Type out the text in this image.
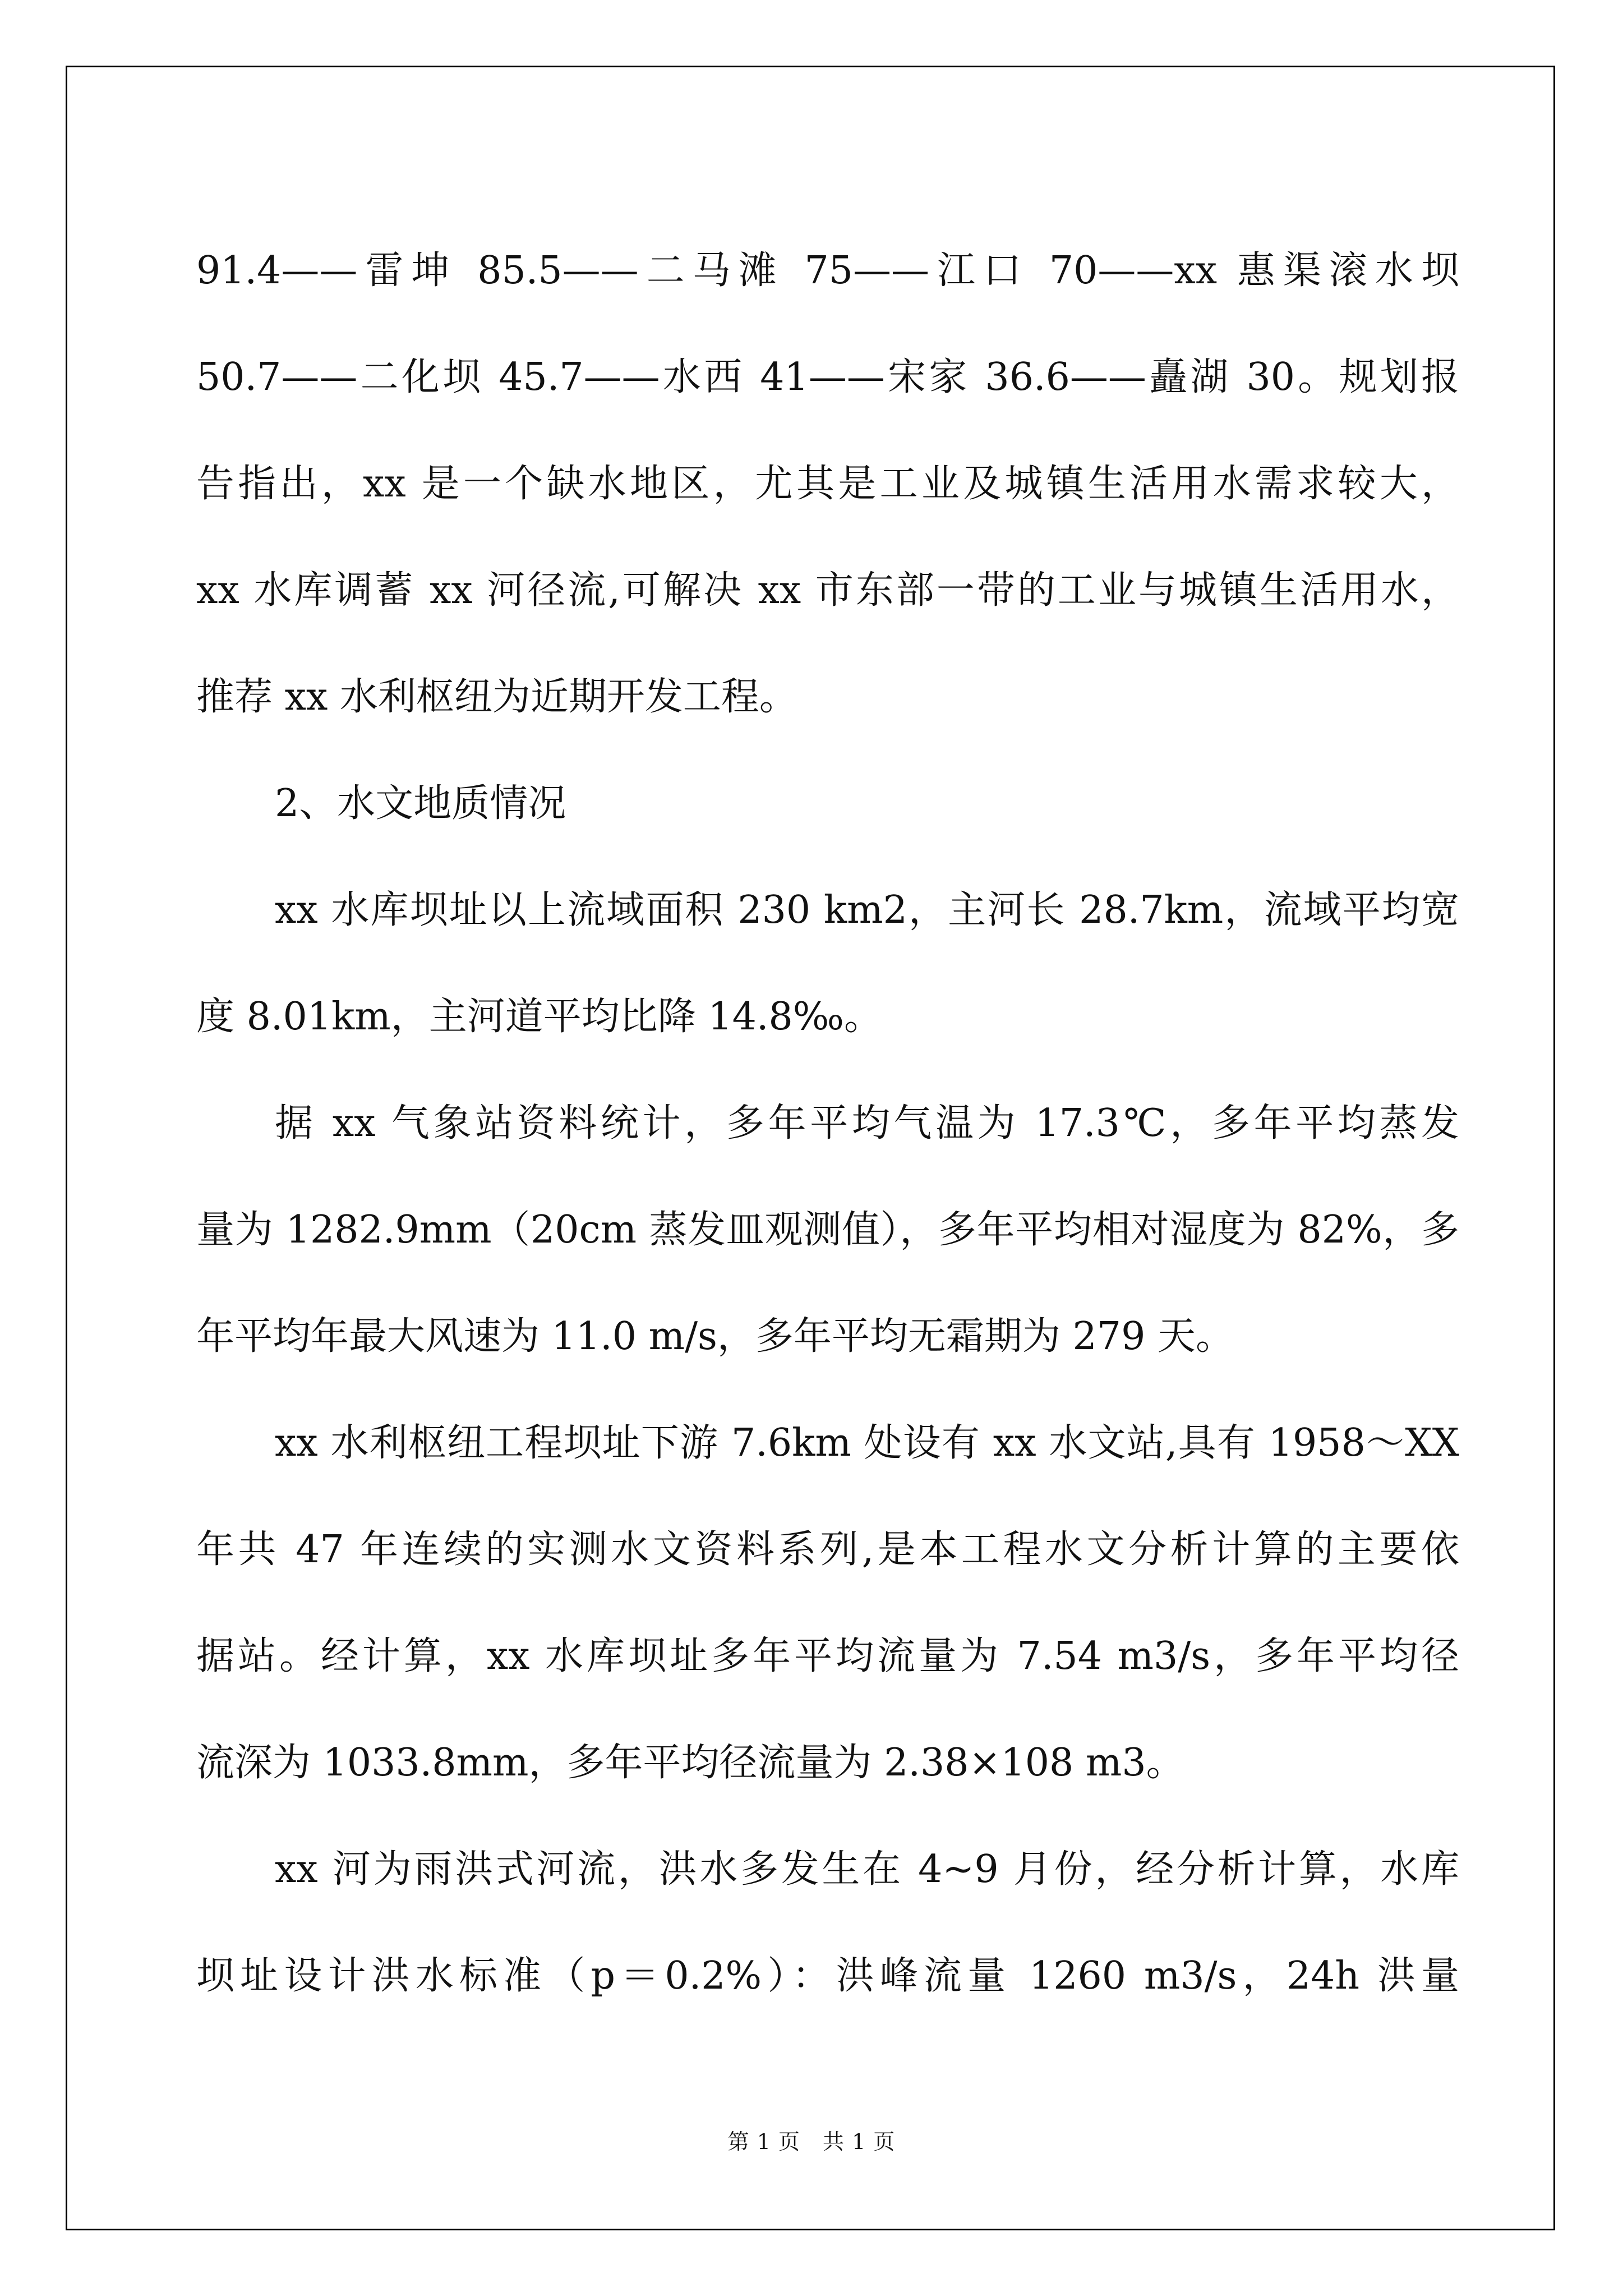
91.4——雷坤 85.5——二马滩 75——江口 70——xx 惠渠滚水坝
50.7——二化坝 45.7——水西 41——宋家 36.6——矗湖 30。规划报
告指出，xx 是一个缺水地区，尤其是工业及城镇生活用水需求较大，
xx 水库调蓄 xx 河径流,可解决 xx 市东部一带的工业与城镇生活用水，
推荐 xx 水利枢纽为近期开发工程。
2、水文地质情况
xx 水库坝址以上流域面积 230 km2，主河长 28.7km，流域平均宽
度 8.01km，主河道平均比降 14.8‰。
据 xx 气象站资料统计，多年平均气温为 17.3℃，多年平均蒸发
量为 1282.9mm（20cm 蒸发皿观测值），多年平均相对湿度为 82%，多
年平均年最大风速为 11.0 m/s，多年平均无霜期为 279 天。
xx 水利枢纽工程坝址下游 7.6km 处设有 xx 水文站,具有 1958～XX
年共 47 年连续的实测水文资料系列,是本工程水文分析计算的主要依
据站。经计算，xx 水库坝址多年平均流量为 7.54 m3/s，多年平均径
流深为 1033.8mm，多年平均径流量为 2.38×108 m3。
xx 河为雨洪式河流，洪水多发生在 4~9 月份，经分析计算，水库
坝址设计洪水标准（p＝0.2%）：洪峰流量 1260 m3/s，24h 洪量
第 1 页 共 1 页
